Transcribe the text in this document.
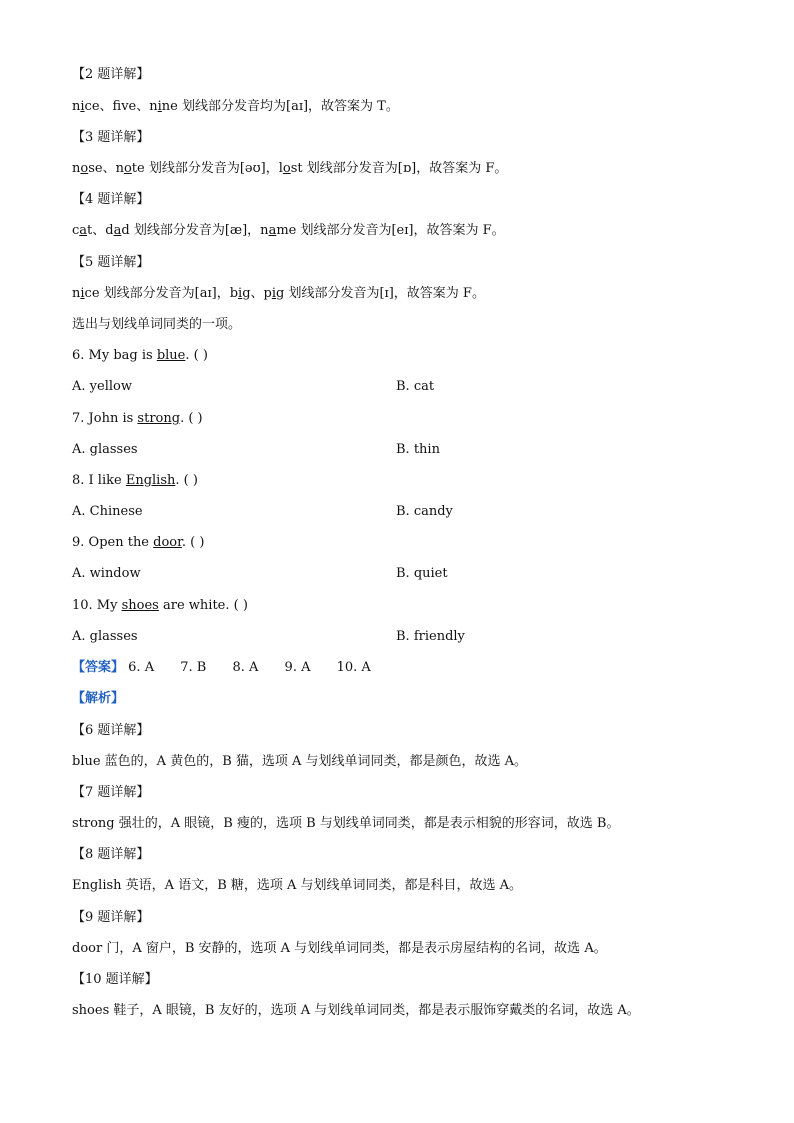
【2 题详解】
nice、fve、nine 划线部分发音均为[aɪ]，故答案为 T。
【3 题详解】
nose、note 划线部分发音为[əʊ]，lost 划线部分发音为[ɒ]，故答案为 F。
【4 题详解】
cat、dad 划线部分发音为[æ]，name 划线部分发音为[eɪ]，故答案为 F。
【5 题详解】
nice 划线部分发音为[aɪ]，big、pig 划线部分发音为[ɪ]，故答案为 F。
选出与划线单词同类的一项。
6. My bag is blue. ( )
A. yellow	B. cat
7. John is strong. ( )
A. glasses	B. thin
8. I like English. ( )
A. Chinese	B. candy
9. Open the door. ( )
A. window	B. quiet
10. My shoes are white. ( )
A. glasses	B. friendly
【答案】 6. A 7. B 8. A 9. A 10. A
【解析】
【6 题详解】
blue 蓝色的，A 黄色的，B 猫，选项 A 与划线单词同类，都是颜色，故选 A。
【7 题详解】
strong 强壮的，A 眼镜，B 瘦的，选项 B 与划线单词同类，都是表示相貌的形容词，故选 B。
【8 题详解】
English 英语，A 语文，B 糖，选项 A 与划线单词同类，都是科目，故选 A。
【9 题详解】
door 门，A 窗户，B 安静的，选项 A 与划线单词同类，都是表示房屋结构的名词，故选 A。
【10 题详解】
shoes 鞋子，A 眼镜，B 友好的，选项 A 与划线单词同类，都是表示服饰穿戴类的名词，故选 A。
